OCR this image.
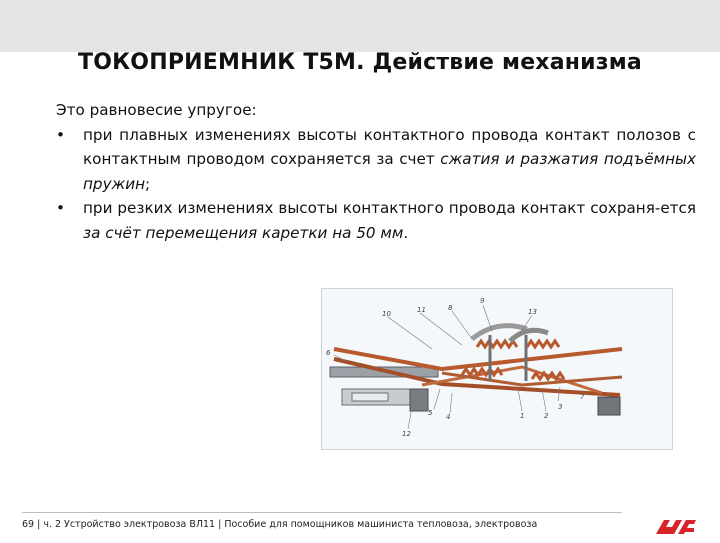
ТОКОПРИЕМНИК Т5М. Действие механизма

Это равновесие упругое:

• при плавных изменениях высоты контактного провода контакт полозов с контактным проводом сохраняется за счет сжатия и разжатия подъёмных пружин;
• при резких изменениях высоты контактного провода контакт сохраня-ется за счёт перемещения каретки на 50 мм.
10	11
9
8	13
6
5 4	1	2
3
7
12
69 | ч. 2 Устройство электровоза ВЛ11 | Пособие для помощников машиниста тепловоза, электровоза
